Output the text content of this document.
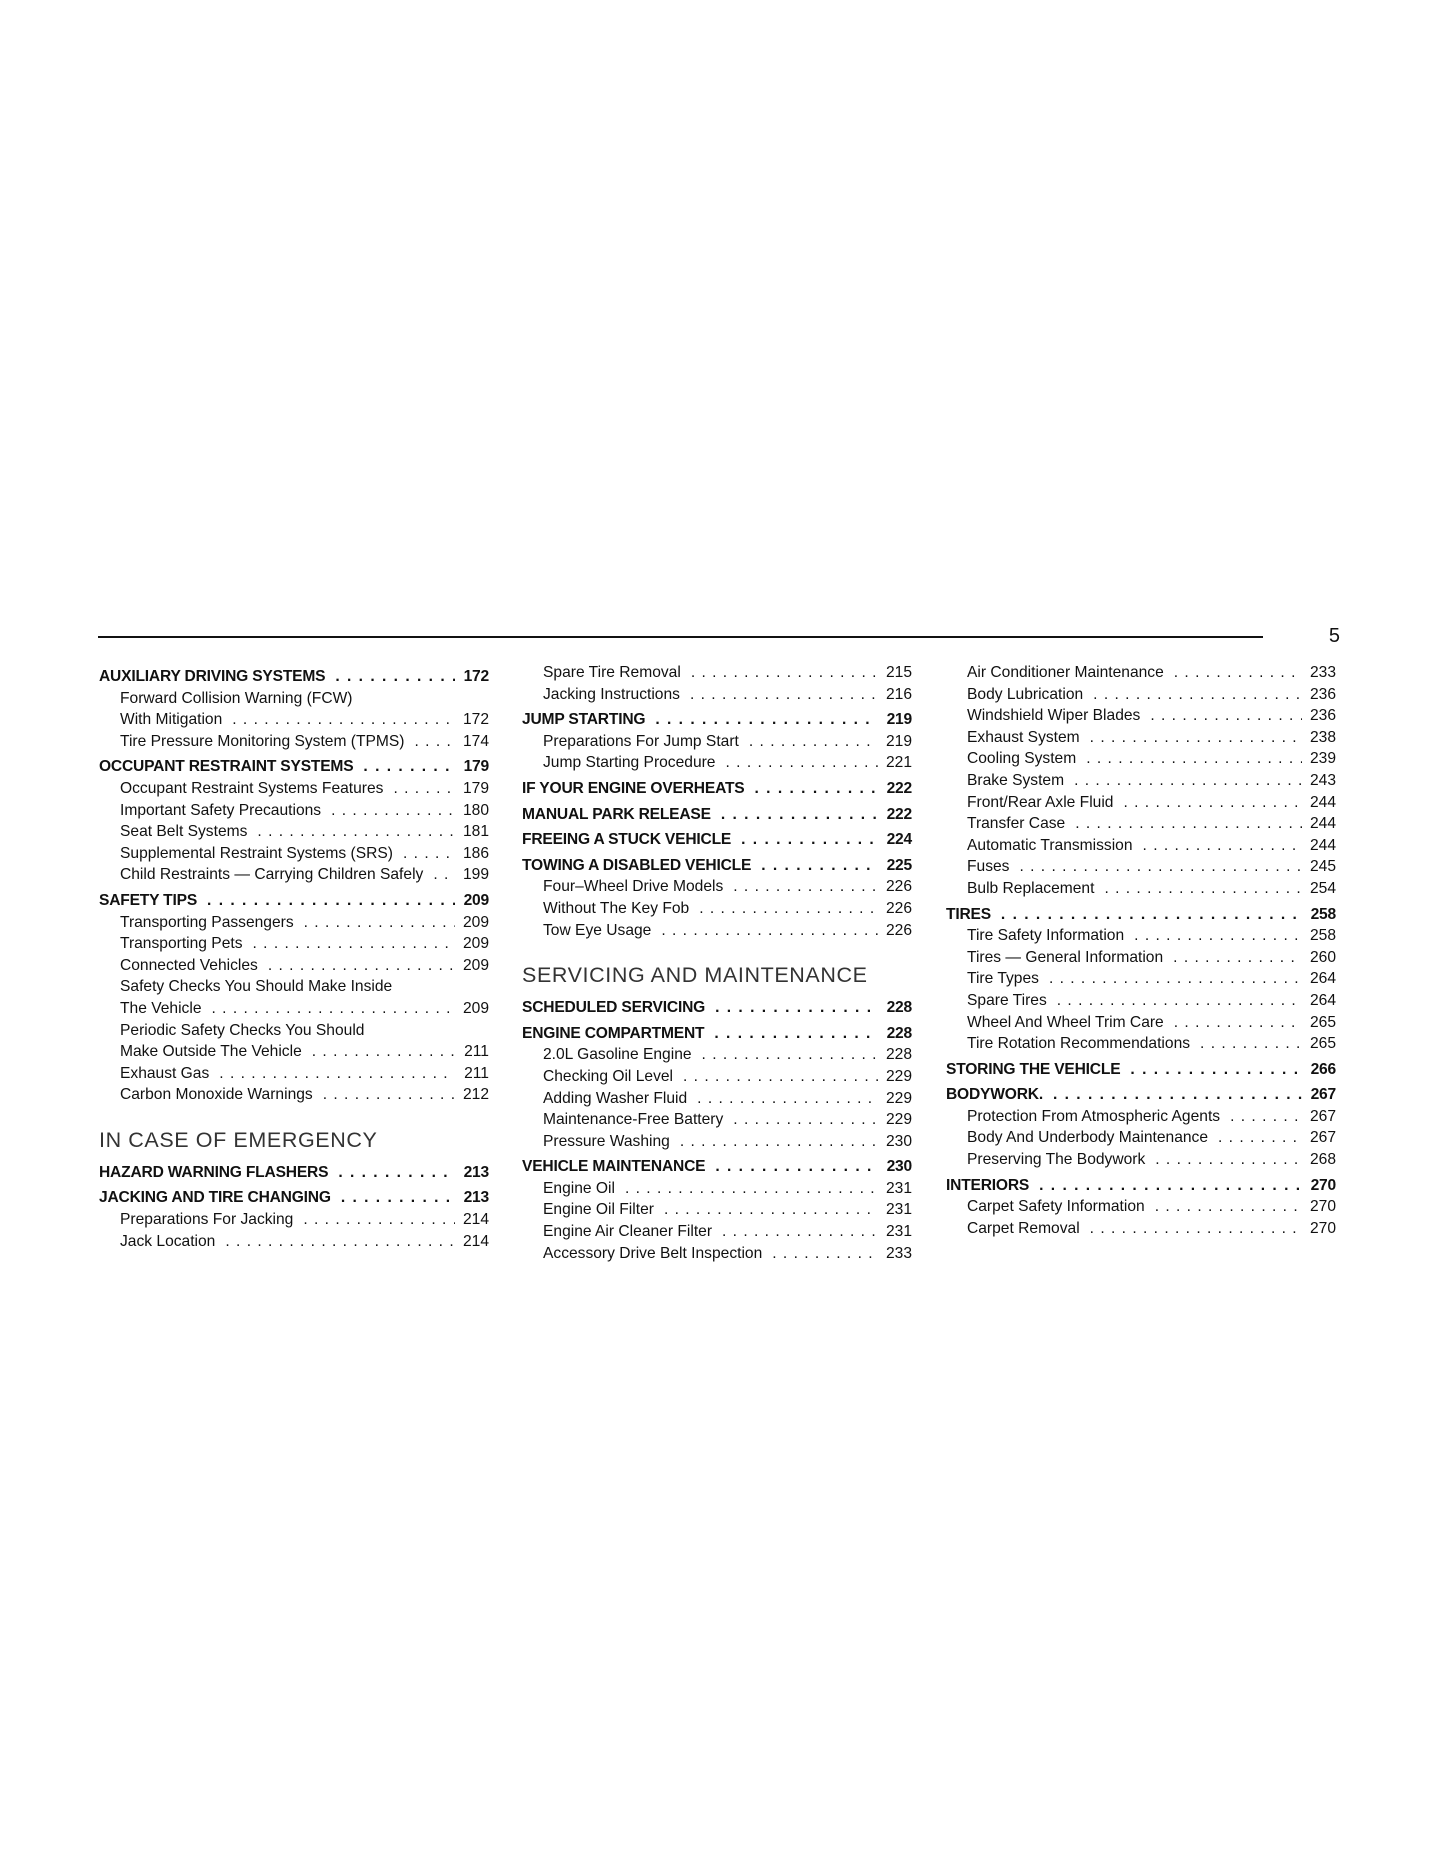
5
AUXILIARY DRIVING SYSTEMS . . .	172
Forward Collision Warning (FCW)
With Mitigation . . .	172
Tire Pressure Monitoring System (TPMS) . . .	174
OCCUPANT RESTRAINT SYSTEMS . . .	179
Occupant Restraint Systems Features . . .	179
Important Safety Precautions . . .	180
Seat Belt Systems . . .	181
Supplemental Restraint Systems (SRS) . . .	186
Child Restraints — Carrying Children Safely . . .	199
SAFETY TIPS . . .	209
Transporting Passengers . . .	209
Transporting Pets . . .	209
Connected Vehicles . . .	209
Safety Checks You Should Make Inside
The Vehicle . . .	209
Periodic Safety Checks You Should
Make Outside The Vehicle . . .	211
Exhaust Gas . . .	211
Carbon Monoxide Warnings . . .	212
IN CASE OF EMERGENCY
HAZARD WARNING FLASHERS . . .	213
JACKING AND TIRE CHANGING . . .	213
Preparations For Jacking . . .	214
Jack Location . . .	214
Spare Tire Removal . . .	215
Jacking Instructions . . .	216
JUMP STARTING . . .	219
Preparations For Jump Start . . .	219
Jump Starting Procedure . . .	221
IF YOUR ENGINE OVERHEATS . . .	222
MANUAL PARK RELEASE . . .	222
FREEING A STUCK VEHICLE . . .	224
TOWING A DISABLED VEHICLE . . .	225
Four–Wheel Drive Models . . .	226
Without The Key Fob . . .	226
Tow Eye Usage . . .	226
SERVICING AND MAINTENANCE
SCHEDULED SERVICING . . .	228
ENGINE COMPARTMENT . . .	228
2.0L Gasoline Engine . . .	228
Checking Oil Level . . .	229
Adding Washer Fluid . . .	229
Maintenance-Free Battery . . .	229
Pressure Washing . . .	230
VEHICLE MAINTENANCE . . .	230
Engine Oil . . .	231
Engine Oil Filter . . .	231
Engine Air Cleaner Filter . . .	231
Accessory Drive Belt Inspection . . .	233
Air Conditioner Maintenance . . .	233
Body Lubrication . . .	236
Windshield Wiper Blades . . .	236
Exhaust System . . .	238
Cooling System . . .	239
Brake System . . .	243
Front/Rear Axle Fluid . . .	244
Transfer Case . . .	244
Automatic Transmission . . .	244
Fuses . . .	245
Bulb Replacement . . .	254
TIRES . . .	258
Tire Safety Information . . .	258
Tires — General Information . . .	260
Tire Types . . .	264
Spare Tires . . .	264
Wheel And Wheel Trim Care . . .	265
Tire Rotation Recommendations . . .	265
STORING THE VEHICLE . . .	266
BODYWORK. . . .	267
Protection From Atmospheric Agents . . .	267
Body And Underbody Maintenance . . .	267
Preserving The Bodywork . . .	268
INTERIORS . . .	270
Carpet Safety Information . . .	270
Carpet Removal . . .	270
